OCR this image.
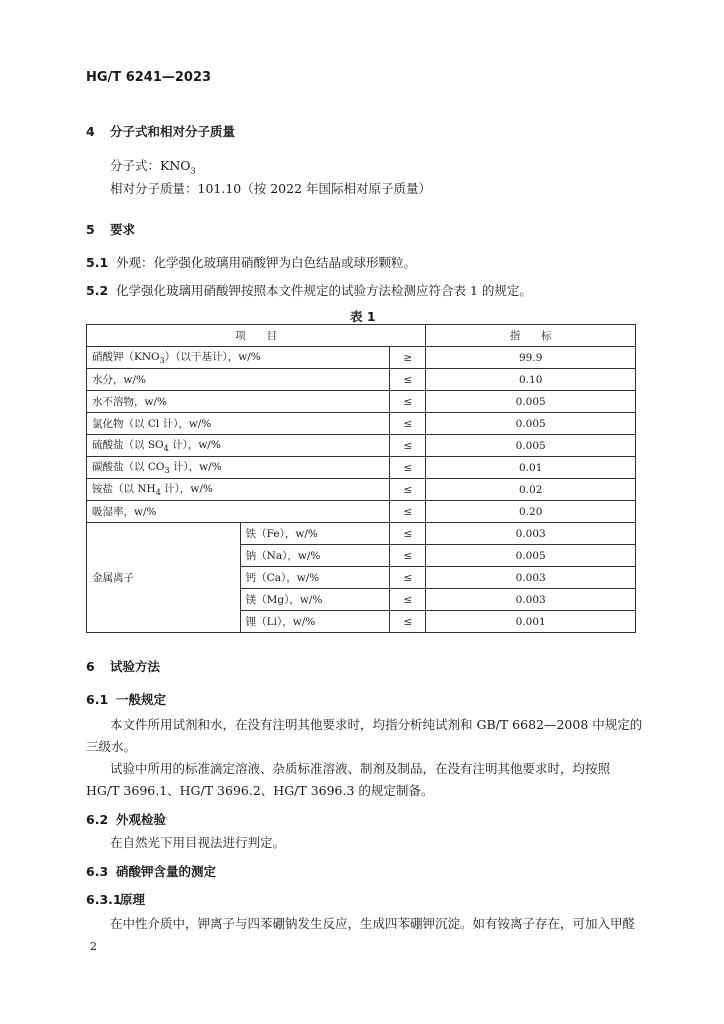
HG/T 6241—2023
4 分子式和相对分子质量
分子式：$KNO_3$
相对分子质量：101.10（按 2022 年国际相对原子质量）
5 要求
5.1 外观：化学强化玻璃用硝酸钾为白色结晶或球形颗粒。
5.2 化学强化玻璃用硝酸钾按照本文件规定的试验方法检测应符合表 1 的规定。
表 1
项　　目			指　　标
硝酸钾$(KNO_3)$（以干基计），w/%		≥	99.9
水分，w/%		≤	0.10
水不溶物，w/%		≤	0.005
氯化物（以 Cl 计），w/%		≤	0.005
硫酸盐（以 $SO_4$ 计），w/%		≤	0.005
碳酸盐（以 $CO_3$ 计），w/%		≤	0.01
铵盐（以 $NH_4$ 计），w/%		≤	0.02
吸湿率，w/%		≤	0.20
金属离子	铁（Fe），w/%	≤	0.003
	钠（Na），w/%	≤	0.005
	钙（Ca），w/%	≤	0.003
	镁（Mg），w/%	≤	0.003
	锂（Li），w/%	≤	0.001
6 试验方法
6.1 一般规定
本文件所用试剂和水，在没有注明其他要求时，均指分析纯试剂和 GB/T 6682—2008 中规定的
三级水。
试验中所用的标准滴定溶液、杂质标准溶液、制剂及制品，在没有注明其他要求时，均按照
HG/T 3696.1、HG/T 3696.2、HG/T 3696.3 的规定制备。
6.2 外观检验
在自然光下用目视法进行判定。
6.3 硝酸钾含量的测定
6.3.1原理
在中性介质中，钾离子与四苯硼钠发生反应，生成四苯硼钾沉淀。如有铵离子存在，可加入甲醛
2
